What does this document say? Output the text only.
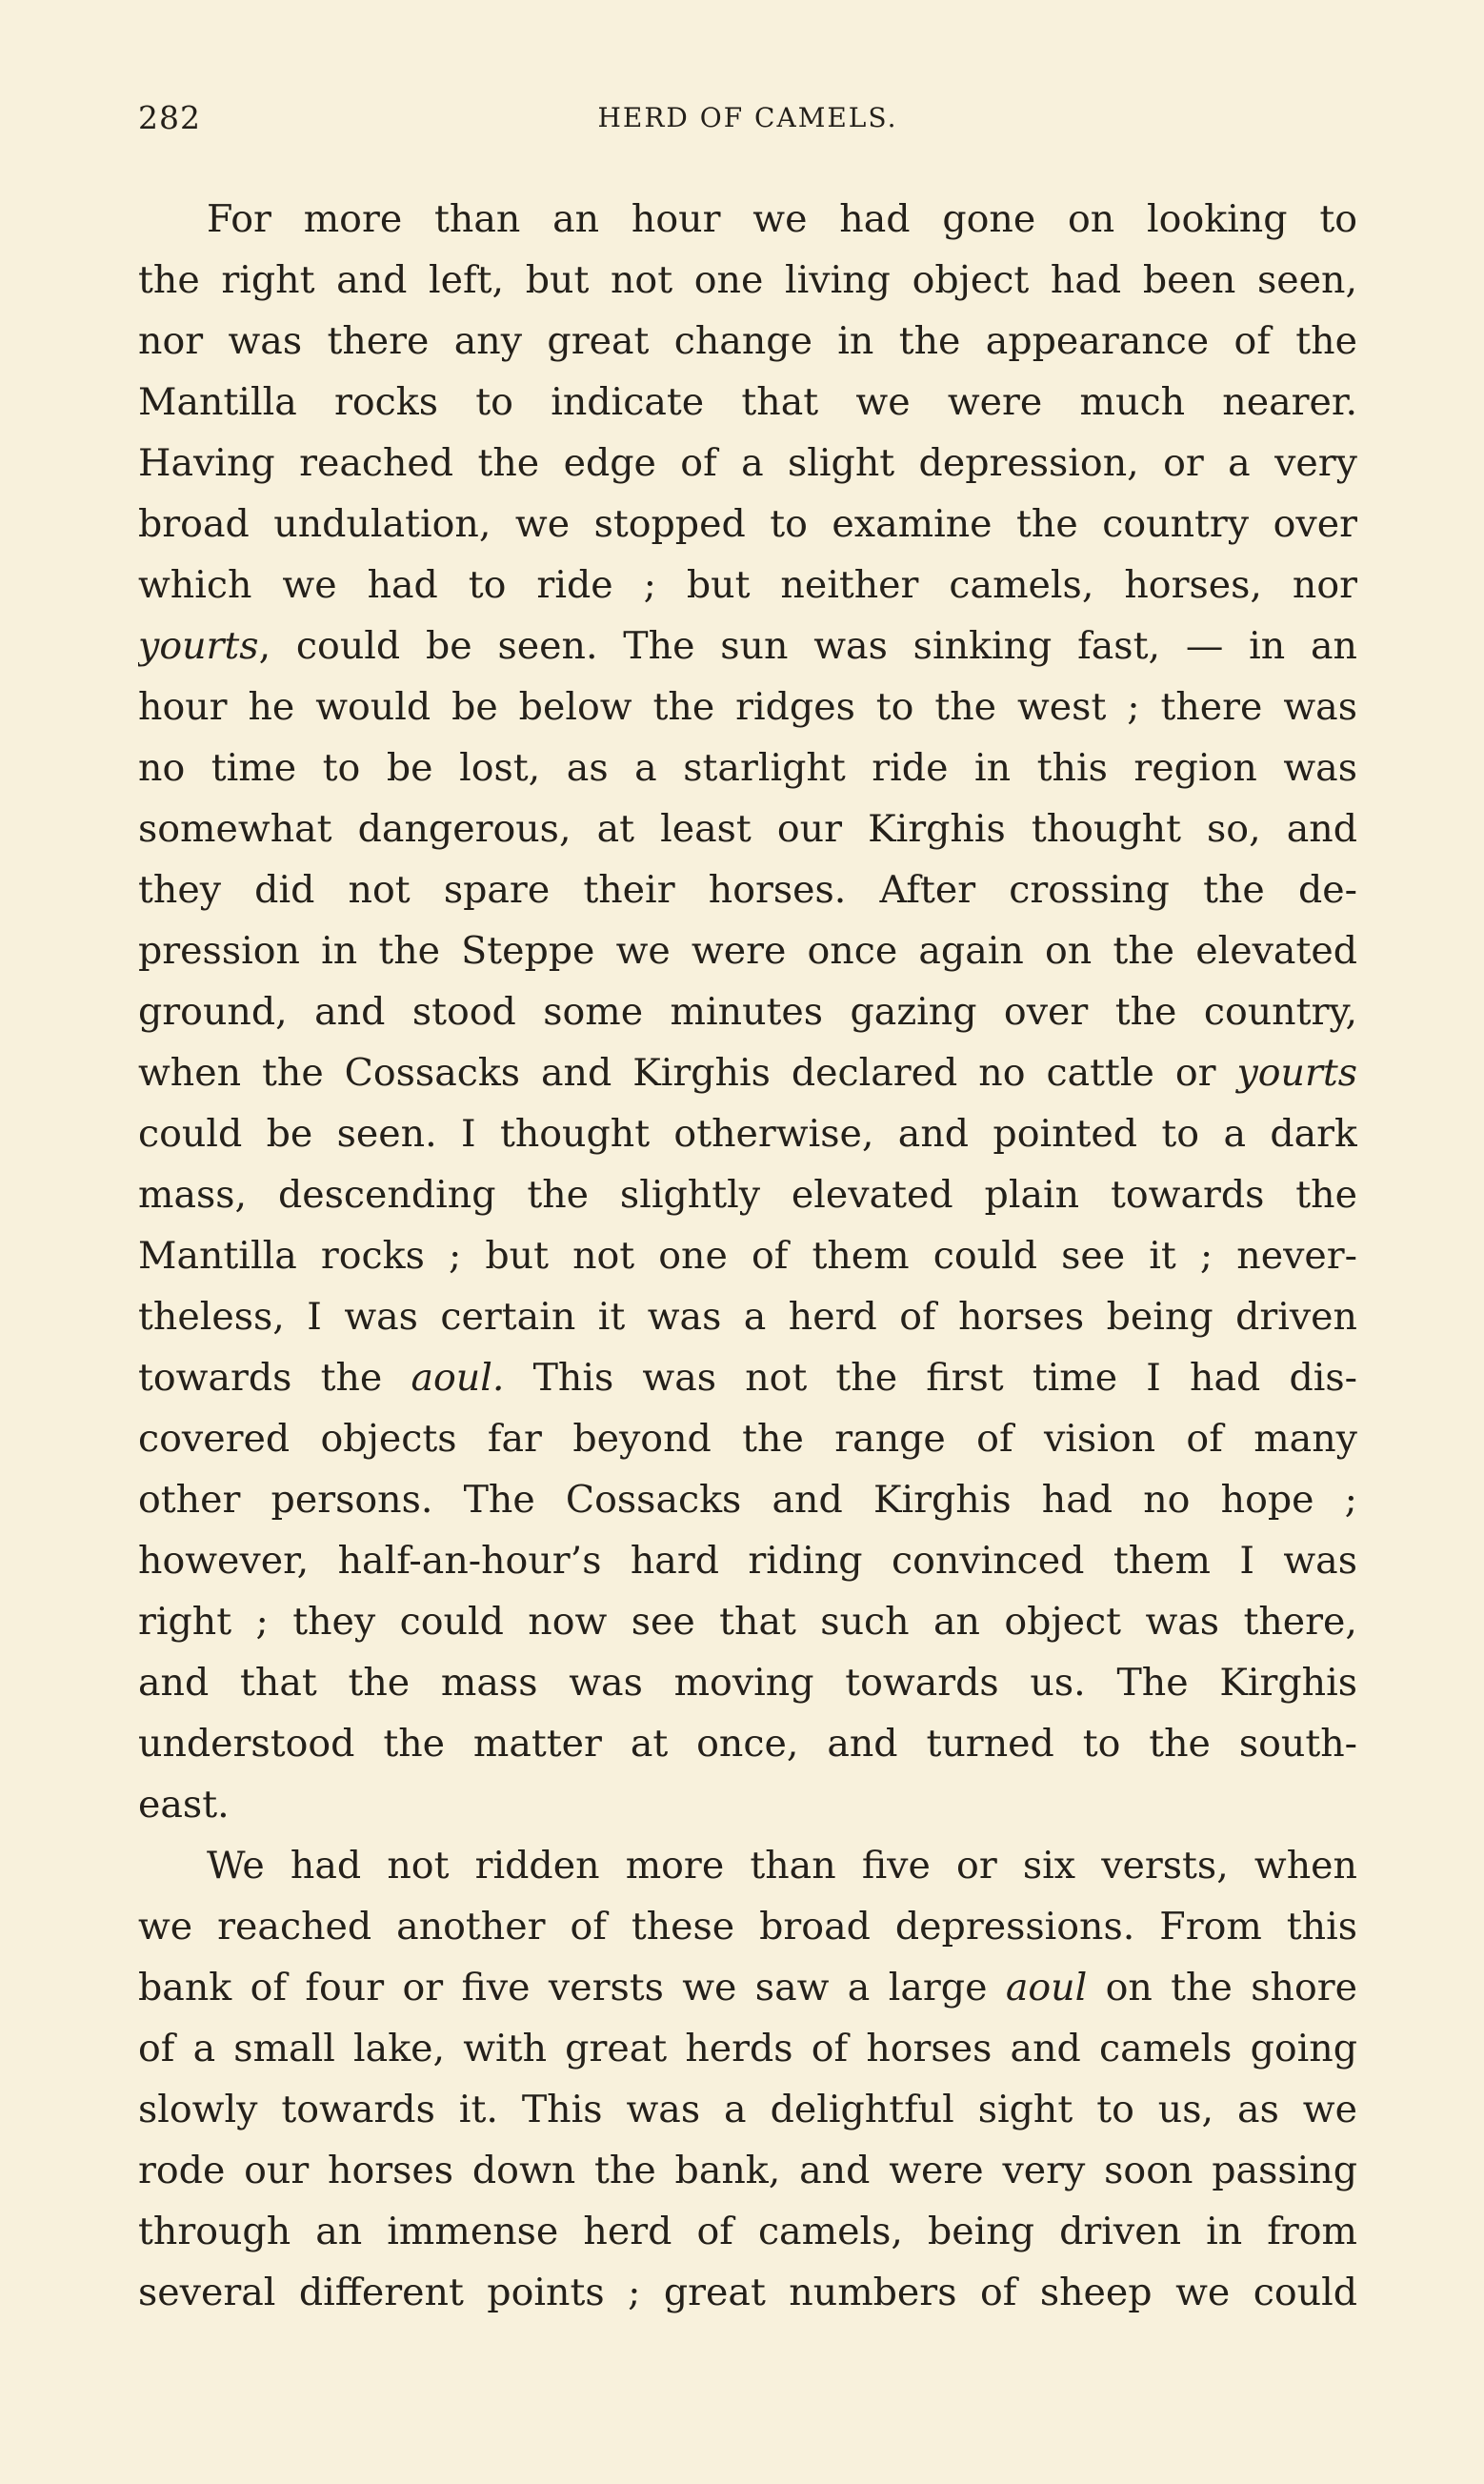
282	HERD OF CAMELS.
For more than an hour we had gone on looking to
the right and left, but not one living object had been seen,
nor was there any great change in the appearance of the
Mantilla rocks to indicate that we were much nearer.
Having reached the edge of a slight depression, or a very
broad undulation, we stopped to examine the country over
which we had to ride ; but neither camels, horses, nor
yourts, could be seen. The sun was sinking fast, — in an
hour he would be below the ridges to the west ; there was
no time to be lost, as a starlight ride in this region was
somewhat dangerous, at least our Kirghis thought so, and
they did not spare their horses. After crossing the de-
pression in the Steppe we were once again on the elevated
ground, and stood some minutes gazing over the country,
when the Cossacks and Kirghis declared no cattle or yourts
could be seen. I thought otherwise, and pointed to a dark
mass, descending the slightly elevated plain towards the
Mantilla rocks ; but not one of them could see it ; never-
theless, I was certain it was a herd of horses being driven
towards the aoul. This was not the first time I had dis-
covered objects far beyond the range of vision of many
other persons. The Cossacks and Kirghis had no hope ;
however, half-an-hour’s hard riding convinced them I was
right ; they could now see that such an object was there,
and that the mass was moving towards us. The Kirghis
understood the matter at once, and turned to the south-
east.
We had not ridden more than five or six versts, when
we reached another of these broad depressions. From this
bank of four or five versts we saw a large aoul on the shore
of a small lake, with great herds of horses and camels going
slowly towards it. This was a delightful sight to us, as we
rode our horses down the bank, and were very soon passing
through an immense herd of camels, being driven in from
several different points ; great numbers of sheep we could
